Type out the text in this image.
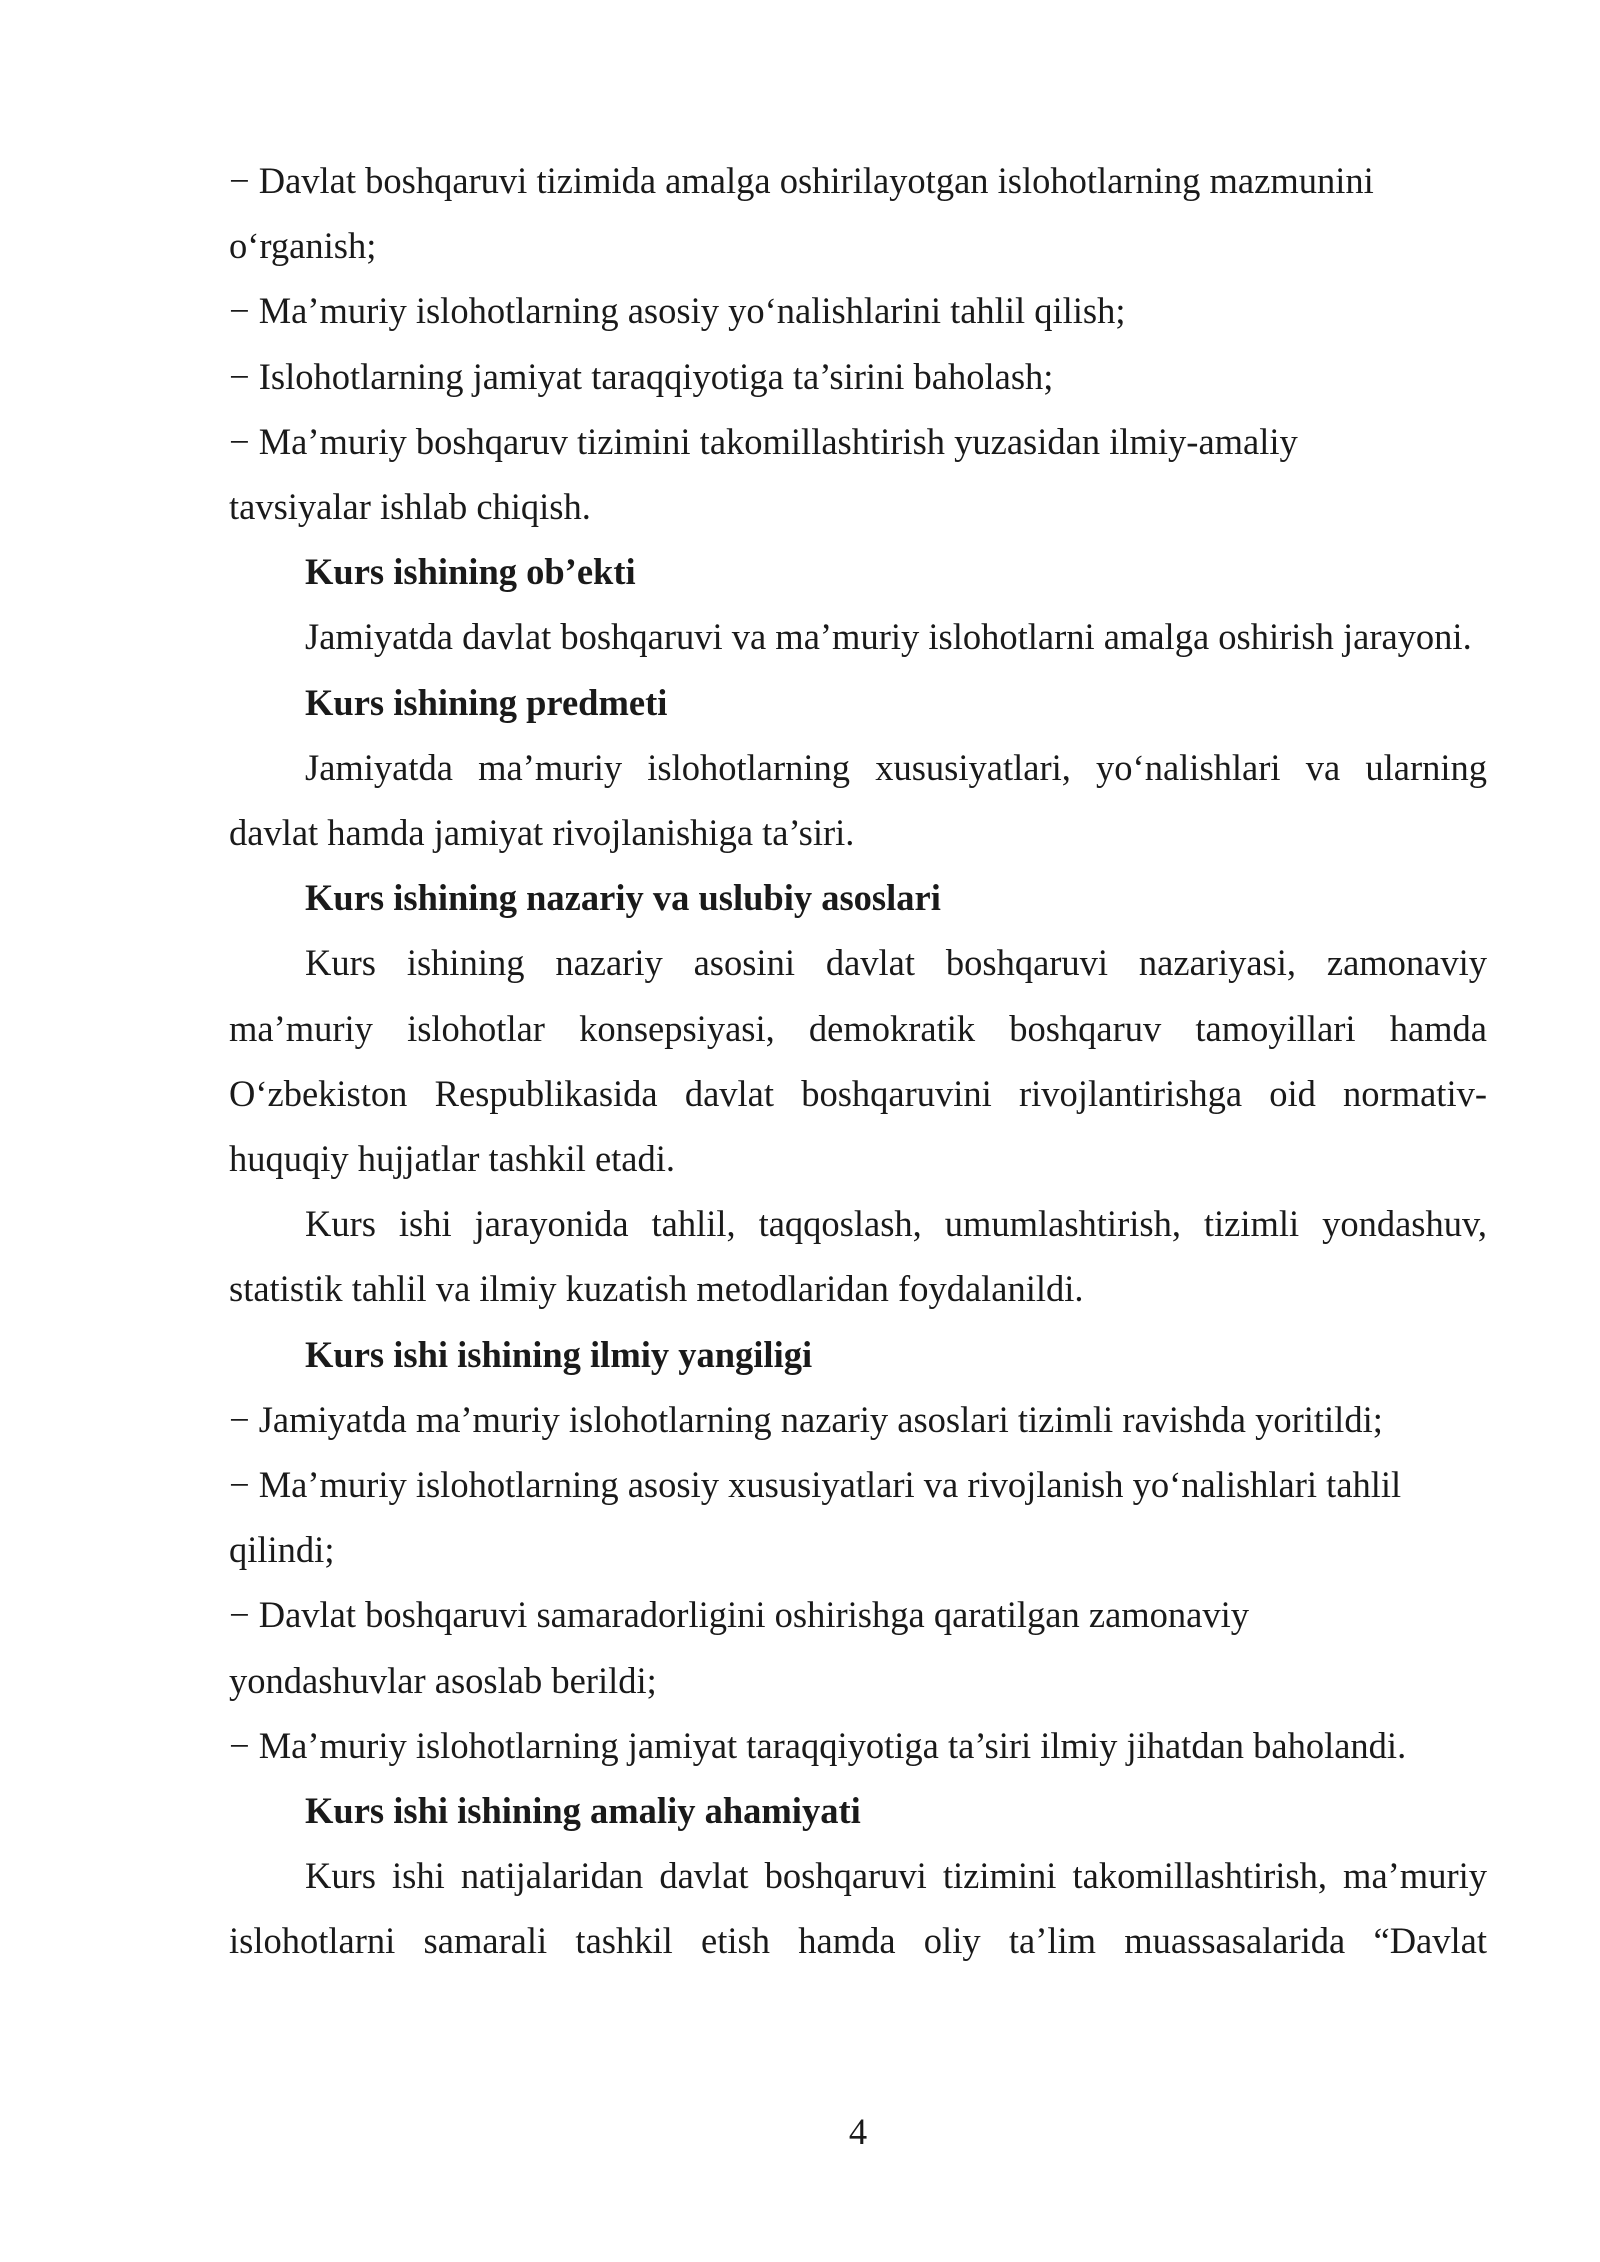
− Davlat boshqaruvi tizimida amalga oshirilayotgan islohotlarning mazmunini o‘rganish;
− Ma’muriy islohotlarning asosiy yo‘nalishlarini tahlil qilish;
− Islohotlarning jamiyat taraqqiyotiga ta’sirini baholash;
− Ma’muriy boshqaruv tizimini takomillashtirish yuzasidan ilmiy-amaliy tavsiyalar ishlab chiqish.
Kurs ishining ob’ekti
Jamiyatda davlat boshqaruvi va ma’muriy islohotlarni amalga oshirish jarayoni.
Kurs ishining predmeti
Jamiyatda ma’muriy islohotlarning xususiyatlari, yo‘nalishlari va ularning davlat hamda jamiyat rivojlanishiga ta’siri.
Kurs ishining nazariy va uslubiy asoslari
Kurs ishining nazariy asosini davlat boshqaruvi nazariyasi, zamonaviy ma’muriy islohotlar konsepsiyasi, demokratik boshqaruv tamoyillari hamda O‘zbekiston Respublikasida davlat boshqaruvini rivojlantirishga oid normativ-huquqiy hujjatlar tashkil etadi.
Kurs ishi jarayonida tahlil, taqqoslash, umumlashtirish, tizimli yondashuv, statistik tahlil va ilmiy kuzatish metodlaridan foydalanildi.
Kurs ishi ishining ilmiy yangiligi
− Jamiyatda ma’muriy islohotlarning nazariy asoslari tizimli ravishda yoritildi;
− Ma’muriy islohotlarning asosiy xususiyatlari va rivojlanish yo‘nalishlari tahlil qilindi;
− Davlat boshqaruvi samaradorligini oshirishga qaratilgan zamonaviy yondashuvlar asoslab berildi;
− Ma’muriy islohotlarning jamiyat taraqqiyotiga ta’siri ilmiy jihatdan baholandi.
Kurs ishi ishining amaliy ahamiyati
Kurs ishi natijalaridan davlat boshqaruvi tizimini takomillashtirish, ma’muriy islohotlarni samarali tashkil etish hamda oliy ta’lim muassasalarida “Davlat
4
